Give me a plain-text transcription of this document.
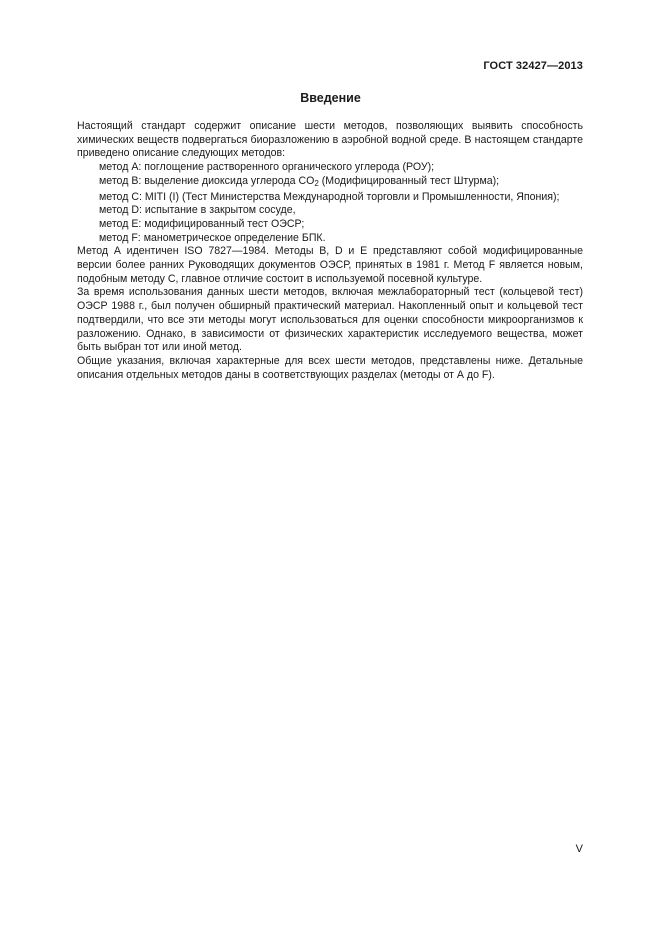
ГОСТ 32427—2013
Введение

Настоящий стандарт содержит описание шести методов, позволяющих выявить способность химических веществ подвергаться биоразложению в аэробной водной среде. В настоящем стандарте приведено описание следующих методов:

метод А: поглощение растворенного органического углерода (РОУ);

метод В: выделение диоксида углерода $CO_2$ (Модифицированный тест Штурма);

метод С: MITI (I) (Тест Министерства Международной торговли и Промышленности, Япония);

метод D: испытание в закрытом сосуде,

метод Е: модифицированный тест ОЭСР;

метод F: манометрическое определение БПК.

Метод А идентичен ISO 7827—1984. Методы В, D и Е представляют собой модифицированные версии более ранних Руководящих документов ОЭСР, принятых в 1981 г. Метод F является новым, подобным методу С, главное отличие состоит в используемой посевной культуре.

За время использования данных шести методов, включая межлабораторный тест (кольцевой тест) ОЭСР 1988 г., был получен обширный практический материал. Накопленный опыт и кольцевой тест подтвердили, что все эти методы могут использоваться для оценки способности микроорганизмов к разложению. Однако, в зависимости от физических характеристик исследуемого вещества, может быть выбран тот или иной метод.

Общие указания, включая характерные для всех шести методов, представлены ниже. Детальные описания отдельных методов даны в соответствующих разделах (методы от А до F).

V
